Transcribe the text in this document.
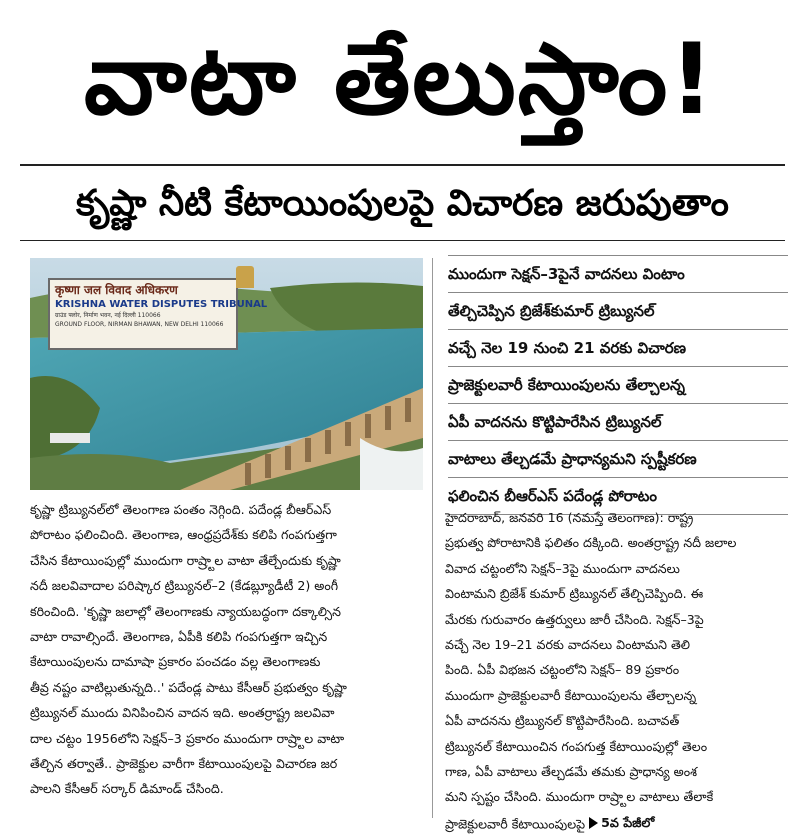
వాటా తేలుస్తాం!
కృష్ణా నీటి కేటాయింపులపై విచారణ జరుపుతాం
कृष्णा जल विवाद अधिकरण
KRISHNA WATER DISPUTES TRIBUNAL
ग्राउंड फ्लोर, निर्माण भवन, नई दिल्ली 110066
GROUND FLOOR, NIRMAN BHAWAN, NEW DELHI 110066
ముందుగా సెక్షన్–3పైనే వాదనలు వింటాం
తేల్చిచెప్పిన బ్రిజేశ్‌కుమార్ ట్రిబ్యునల్
వచ్చే నెల 19 నుంచి 21 వరకు విచారణ
ప్రాజెక్టులవారీ కేటాయింపులను తేల్చాలన్న
ఏపీ వాదనను కొట్టిపారేసిన ట్రిబ్యునల్
వాటాలు తేల్చడమే ప్రాధాన్యమని స్పష్టీకరణ
ఫలించిన బీఆర్‌ఎస్ పదేండ్ల పోరాటం

కృష్ణా ట్రిబ్యునల్‌లో తెలంగాణ పంతం నెగ్గింది. పదేండ్ల బీఆర్‌ఎస్

పోరాటం ఫలించింది. తెలంగాణ, ఆంధ్రప్రదేశ్‌కు కలిపి గంపగుత్తగా

చేసిన కేటాయింపుల్లో ముందుగా రాష్ర్టాల వాటా తేల్చేందుకు కృష్ణా

నదీ జలవివాదాల పరిష్కార ట్రిబ్యునల్–2 (కేడబ్ల్యూడీటీ 2) అంగీ

కరించింది. 'కృష్ణా జలాల్లో తెలంగాణకు న్యాయబద్ధంగా దక్కాల్సిన

వాటా రావాల్సిందే. తెలంగాణ, ఏపీకి కలిపి గంపగుత్తగా ఇచ్చిన

కేటాయింపులను దామాషా ప్రకారం పంచడం వల్ల తెలంగాణకు

తీవ్ర నష్టం వాటిల్లుతున్నది..' పదేండ్ల పాటు కేసీఆర్ ప్రభుత్వం కృష్ణా

ట్రిబ్యునల్ ముందు వినిపించిన వాదన ఇది. అంతర్రాష్ట్ర జలవివా

దాల చట్టం 1956లోని సెక్షన్–3 ప్రకారం ముందుగా రాష్ర్టాల వాటా

తేల్చిన తర్వాతే.. ప్రాజెక్టుల వారీగా కేటాయింపులపై విచారణ జర

పాలని కేసీఆర్ సర్కార్ డిమాండ్ చేసింది.

హైదరాబాద్, జనవరి 16 (నమస్తే తెలంగాణ): రాష్ట్ర

ప్రభుత్వ పోరాటానికి ఫలితం దక్కింది. అంతర్రాష్ట్ర నదీ జలాల

వివాద చట్టంలోని సెక్షన్–3పై ముందుగా వాదనలు

వింటామని బ్రిజేశ్ కుమార్ ట్రిబ్యునల్ తేల్చిచెప్పింది. ఈ

మేరకు గురువారం ఉత్తర్వులు జారీ చేసింది. సెక్షన్–3పై

వచ్చే నెల 19–21 వరకు వాదనలు వింటామని తెలి

పింది. ఏపీ విభజన చట్టంలోని సెక్షన్– 89 ప్రకారం

ముందుగా ప్రాజెక్టులవారీ కేటాయింపులను తేల్చాలన్న

ఏపీ వాదనను ట్రిబ్యునల్ కొట్టిపారేసింది. బచావత్

ట్రిబ్యునల్ కేటాయించిన గంపగుత్త కేటాయింపుల్లో తెలం

గాణ, ఏపీ వాటాలు తేల్చడమే తమకు ప్రాధాన్య అంశ

మని స్పష్టం చేసింది. ముందుగా రాష్ర్టాల వాటాలు తేలాకే

ప్రాజెక్టులవారీ కేటాయింపులపై 5వ పేజీలో
